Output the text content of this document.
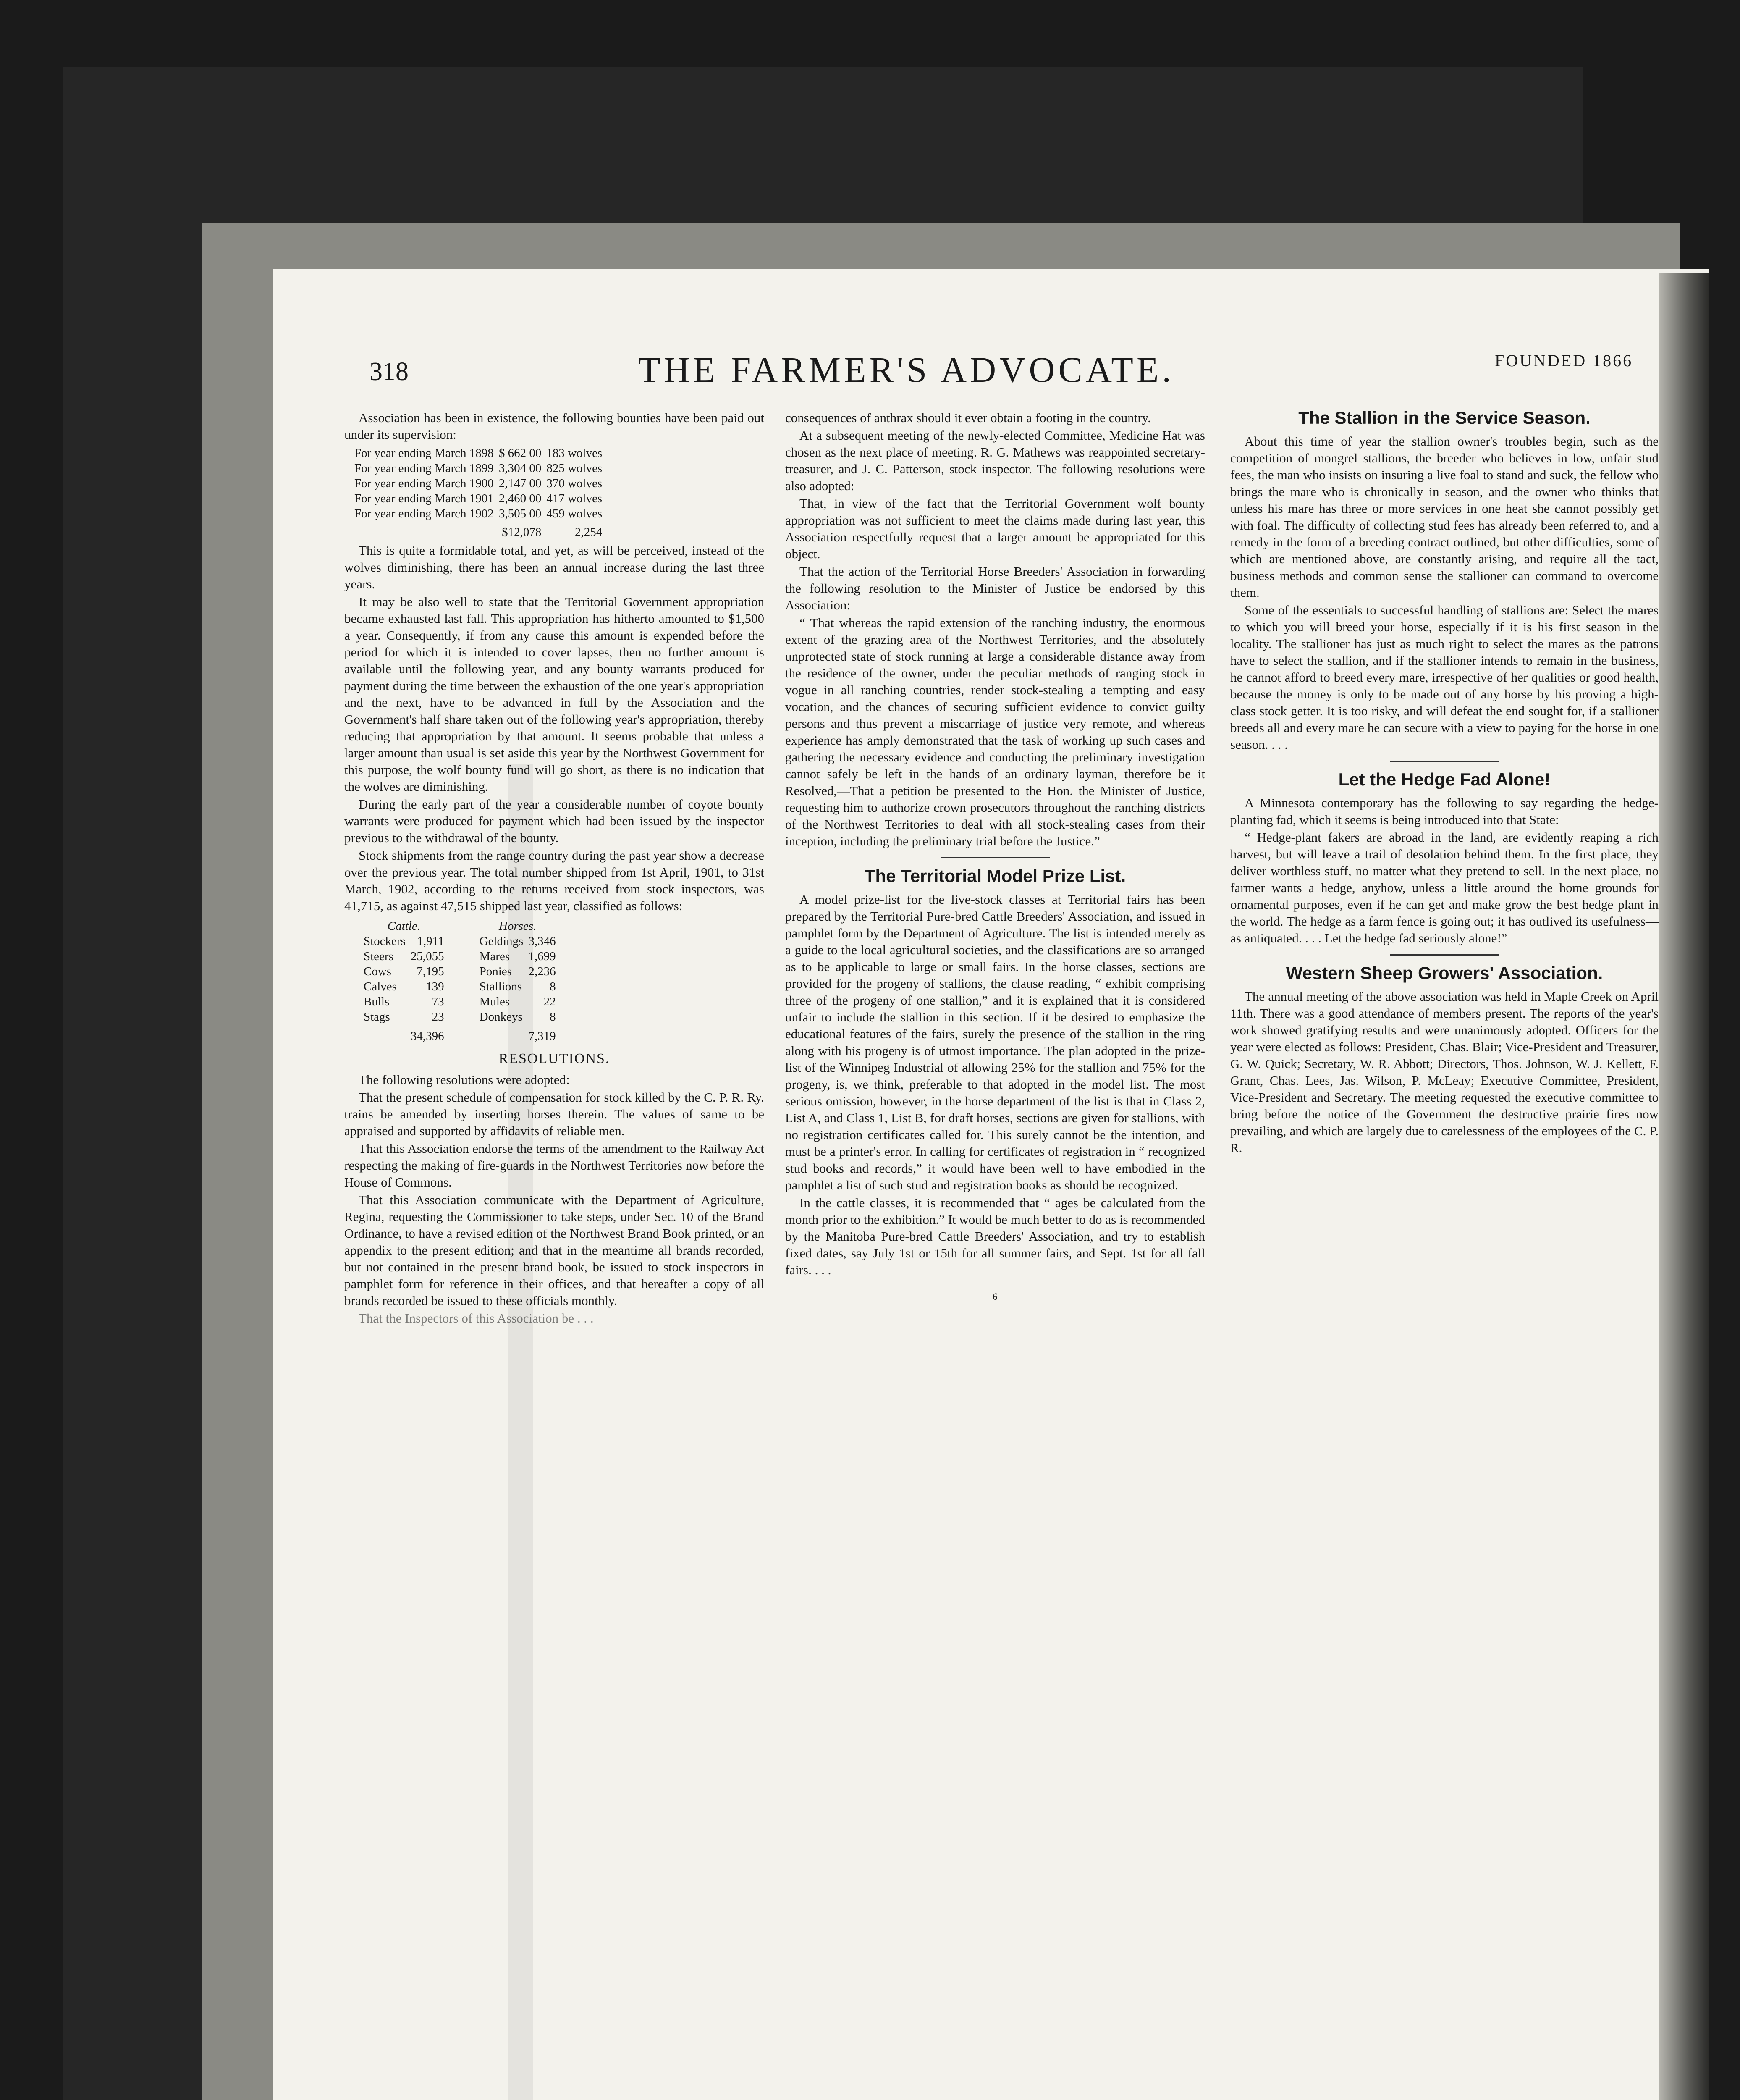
318	THE FARMER'S ADVOCATE.	FOUNDED 1866

Association has been in existence, the following bounties have been paid out under its supervision:

For year ending March 1898	$ 662 00	183 wolves
For year ending March 1899	3,304 00	825 wolves
For year ending March 1900	2,147 00	370 wolves
For year ending March 1901	2,460 00	417 wolves
For year ending March 1902	3,505 00	459 wolves
	$12,078	2,254

This is quite a formidable total, and yet, as will be perceived, instead of the wolves diminishing, there has been an annual increase during the last three years.

It may be also well to state that the Territorial Government appropriation became exhausted last fall. This appropriation has hitherto amounted to $1,500 a year. Consequently, if from any cause this amount is expended before the period for which it is intended to cover lapses, then no further amount is available until the following year, and any bounty warrants produced for payment during the time between the exhaustion of the one year's appropriation and the next, have to be advanced in full by the Association and the Government's half share taken out of the following year's appropriation, thereby reducing that appropriation by that amount. It seems probable that unless a larger amount than usual is set aside this year by the Northwest Government for this purpose, the wolf bounty fund will go short, as there is no indication that the wolves are diminishing.

During the early part of the year a considerable number of coyote bounty warrants were produced for payment which had been issued by the inspector previous to the withdrawal of the bounty.

Stock shipments from the range country during the past year show a decrease over the previous year. The total number shipped from 1st April, 1901, to 31st March, 1902, according to the returns received from stock inspectors, was 41,715, as against 47,515 shipped last year, classified as follows:

Cattle.			Horses.	
Stockers	1,911		Geldings	3,346
Steers	25,055		Mares	1,699
Cows	7,195		Ponies	2,236
Calves	139		Stallions	8
Bulls	73		Mules	22
Stags	23		Donkeys	8
	34,396			7,319
RESOLUTIONS.

The following resolutions were adopted:

That the present schedule of compensation for stock killed by the C. P. R. Ry. trains be amended by inserting horses therein. The values of same to be appraised and supported by affidavits of reliable men.

That this Association endorse the terms of the amendment to the Railway Act respecting the making of fire-guards in the Northwest Territories now before the House of Commons.

That this Association communicate with the Department of Agriculture, Regina, requesting the Commissioner to take steps, under Sec. 10 of the Brand Ordinance, to have a revised edition of the Northwest Brand Book printed, or an appendix to the present edition; and that in the meantime all brands recorded, but not contained in the present brand book, be issued to stock inspectors in pamphlet form for reference in their offices, and that hereafter a copy of all brands recorded be issued to these officials monthly.

That the Inspectors of this Association be . . .

consequences of anthrax should it ever obtain a footing in the country.

At a subsequent meeting of the newly-elected Committee, Medicine Hat was chosen as the next place of meeting. R. G. Mathews was reappointed secretary-treasurer, and J. C. Patterson, stock inspector. The following resolutions were also adopted:

That, in view of the fact that the Territorial Government wolf bounty appropriation was not sufficient to meet the claims made during last year, this Association respectfully request that a larger amount be appropriated for this object.

That the action of the Territorial Horse Breeders' Association in forwarding the following resolution to the Minister of Justice be endorsed by this Association:

“ That whereas the rapid extension of the ranching industry, the enormous extent of the grazing area of the Northwest Territories, and the absolutely unprotected state of stock running at large a considerable distance away from the residence of the owner, under the peculiar methods of ranging stock in vogue in all ranching countries, render stock-stealing a tempting and easy vocation, and the chances of securing sufficient evidence to convict guilty persons and thus prevent a miscarriage of justice very remote, and whereas experience has amply demonstrated that the task of working up such cases and gathering the necessary evidence and conducting the preliminary investigation cannot safely be left in the hands of an ordinary layman, therefore be it Resolved,—That a petition be presented to the Hon. the Minister of Justice, requesting him to authorize crown prosecutors throughout the ranching districts of the Northwest Territories to deal with all stock-stealing cases from their inception, including the preliminary trial before the Justice.”

The Territorial Model Prize List.

A model prize-list for the live-stock classes at Territorial fairs has been prepared by the Territorial Pure-bred Cattle Breeders' Association, and issued in pamphlet form by the Department of Agriculture. The list is intended merely as a guide to the local agricultural societies, and the classifications are so arranged as to be applicable to large or small fairs. In the horse classes, sections are provided for the progeny of stallions, the clause reading, “ exhibit comprising three of the progeny of one stallion,” and it is explained that it is considered unfair to include the stallion in this section. If it be desired to emphasize the educational features of the fairs, surely the presence of the stallion in the ring along with his progeny is of utmost importance. The plan adopted in the prize-list of the Winnipeg Industrial of allowing 25% for the stallion and 75% for the progeny, is, we think, preferable to that adopted in the model list. The most serious omission, however, in the horse department of the list is that in Class 2, List A, and Class 1, List B, for draft horses, sections are given for stallions, with no registration certificates called for. This surely cannot be the intention, and must be a printer's error. In calling for certificates of registration in “ recognized stud books and records,” it would have been well to have embodied in the pamphlet a list of such stud and registration books as should be recognized.

In the cattle classes, it is recommended that “ ages be calculated from the month prior to the exhibition.” It would be much better to do as is recommended by the Manitoba Pure-bred Cattle Breeders' Association, and try to establish fixed dates, say July 1st or 15th for all summer fairs, and Sept. 1st for all fall fairs. . . .

6
The Stallion in the Service Season.

About this time of year the stallion owner's troubles begin, such as the competition of mongrel stallions, the breeder who believes in low, unfair stud fees, the man who insists on insuring a live foal to stand and suck, the fellow who brings the mare who is chronically in season, and the owner who thinks that unless his mare has three or more services in one heat she cannot possibly get with foal. The difficulty of collecting stud fees has already been referred to, and a remedy in the form of a breeding contract outlined, but other difficulties, some of which are mentioned above, are constantly arising, and require all the tact, business methods and common sense the stallioner can command to overcome them.

Some of the essentials to successful handling of stallions are: Select the mares to which you will breed your horse, especially if it is his first season in the locality. The stallioner has just as much right to select the mares as the patrons have to select the stallion, and if the stallioner intends to remain in the business, he cannot afford to breed every mare, irrespective of her qualities or good health, because the money is only to be made out of any horse by his proving a high-class stock getter. It is too risky, and will defeat the end sought for, if a stallioner breeds all and every mare he can secure with a view to paying for the horse in one season. . . .

Let the Hedge Fad Alone!

A Minnesota contemporary has the following to say regarding the hedge-planting fad, which it seems is being introduced into that State:

“ Hedge-plant fakers are abroad in the land, are evidently reaping a rich harvest, but will leave a trail of desolation behind them. In the first place, they deliver worthless stuff, no matter what they pretend to sell. In the next place, no farmer wants a hedge, anyhow, unless a little around the home grounds for ornamental purposes, even if he can get and make grow the best hedge plant in the world. The hedge as a farm fence is going out; it has outlived its usefulness—as antiquated. . . . Let the hedge fad seriously alone!”

Western Sheep Growers' Association.

The annual meeting of the above association was held in Maple Creek on April 11th. There was a good attendance of members present. The reports of the year's work showed gratifying results and were unanimously adopted. Officers for the year were elected as follows: President, Chas. Blair; Vice-President and Treasurer, G. W. Quick; Secretary, W. R. Abbott; Directors, Thos. Johnson, W. J. Kellett, F. Grant, Chas. Lees, Jas. Wilson, P. McLeay; Executive Committee, President, Vice-President and Secretary. The meeting requested the executive committee to bring before the notice of the Government the destructive prairie fires now prevailing, and which are largely due to carelessness of the employees of the C. P. R.
